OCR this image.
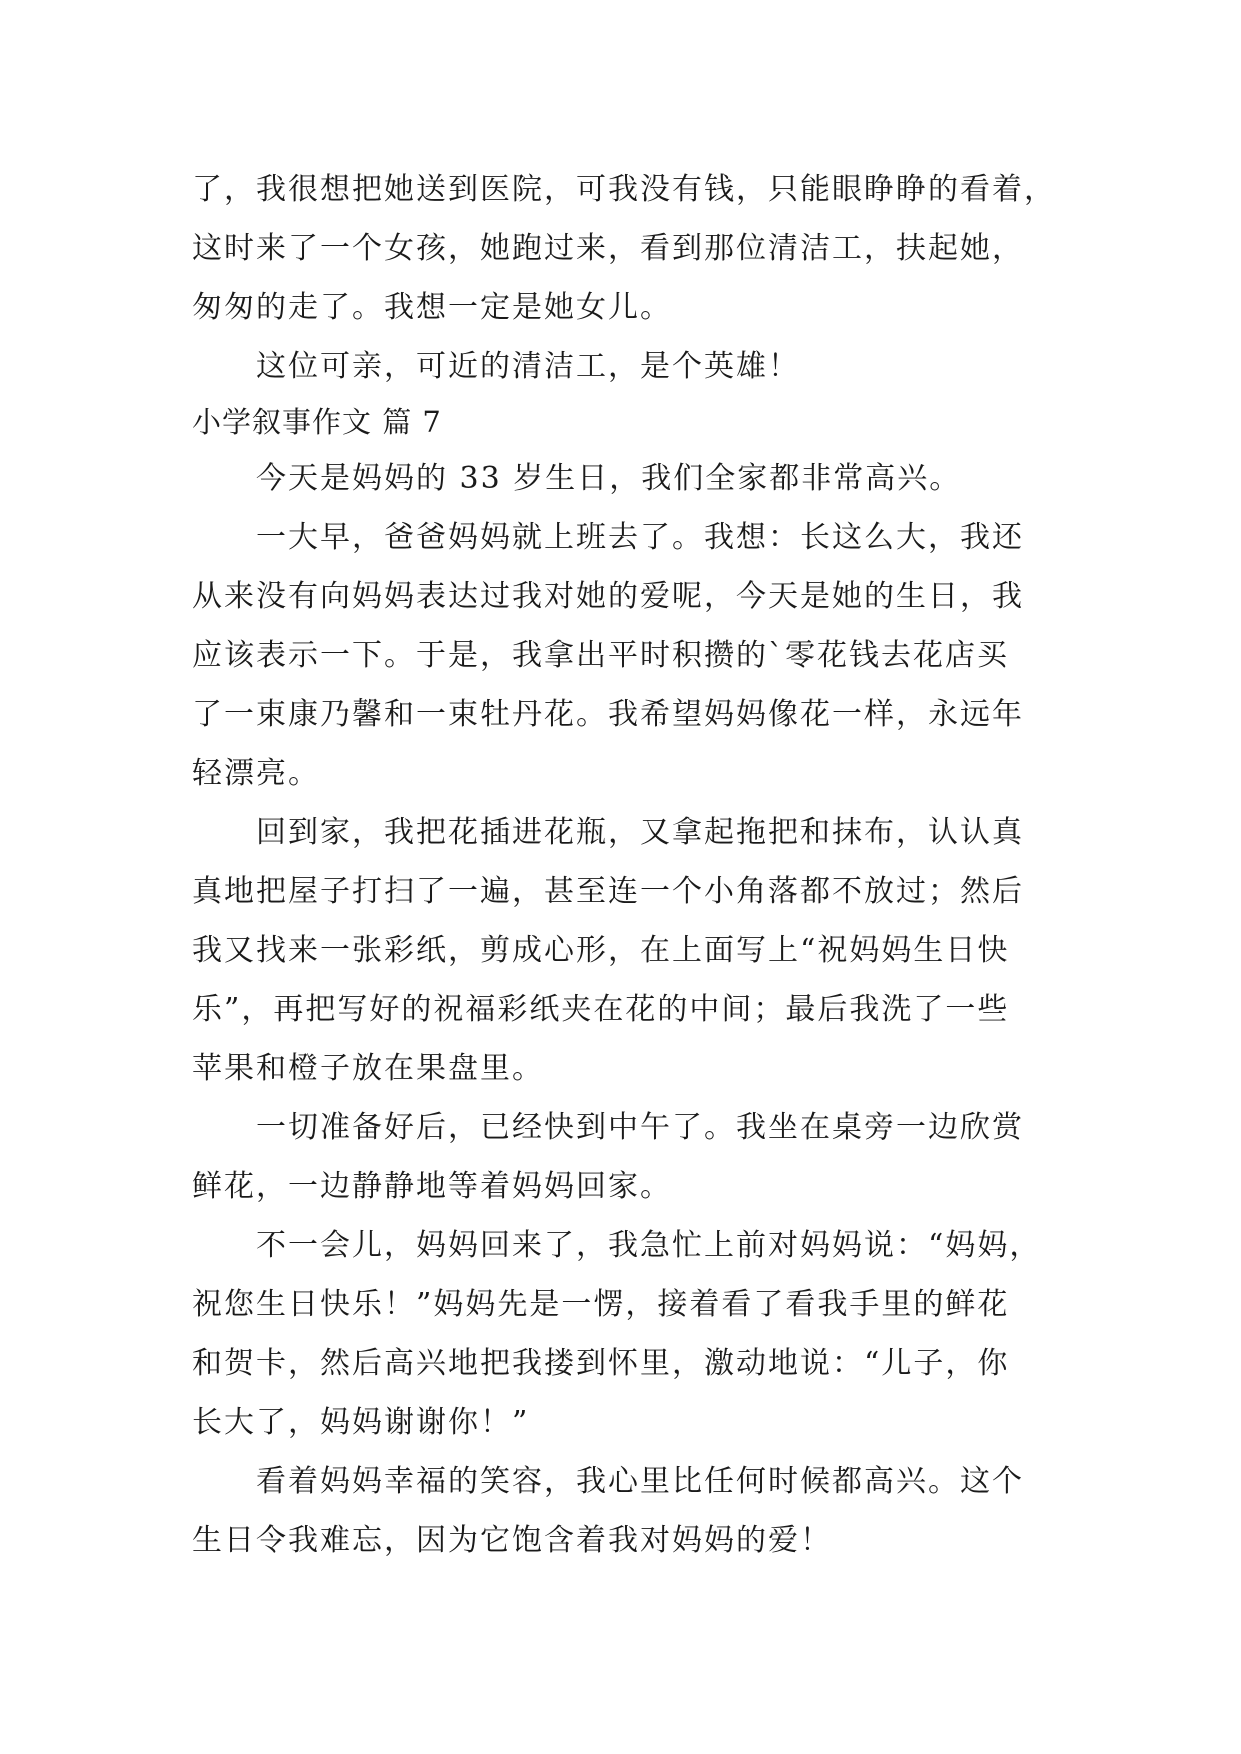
了，我很想把她送到医院，可我没有钱，只能眼睁睁的看着，
这时来了一个女孩，她跑过来，看到那位清洁工，扶起她，
匆匆的走了。我想一定是她女儿。
　　这位可亲，可近的清洁工，是个英雄！
小学叙事作文 篇 7
　　今天是妈妈的 33 岁生日，我们全家都非常高兴。
　　一大早，爸爸妈妈就上班去了。我想：长这么大，我还
从来没有向妈妈表达过我对她的爱呢，今天是她的生日，我
应该表示一下。于是，我拿出平时积攒的`零花钱去花店买
了一束康乃馨和一束牡丹花。我希望妈妈像花一样，永远年
轻漂亮。
　　回到家，我把花插进花瓶，又拿起拖把和抹布，认认真
真地把屋子打扫了一遍，甚至连一个小角落都不放过；然后
我又找来一张彩纸，剪成心形，在上面写上“祝妈妈生日快
乐”，再把写好的祝福彩纸夹在花的中间；最后我洗了一些
苹果和橙子放在果盘里。
　　一切准备好后，已经快到中午了。我坐在桌旁一边欣赏
鲜花，一边静静地等着妈妈回家。
　　不一会儿，妈妈回来了，我急忙上前对妈妈说：“妈妈，
祝您生日快乐！”妈妈先是一愣，接着看了看我手里的鲜花
和贺卡，然后高兴地把我搂到怀里，激动地说：“儿子，你
长大了，妈妈谢谢你！”
　　看着妈妈幸福的笑容，我心里比任何时候都高兴。这个
生日令我难忘，因为它饱含着我对妈妈的爱！
